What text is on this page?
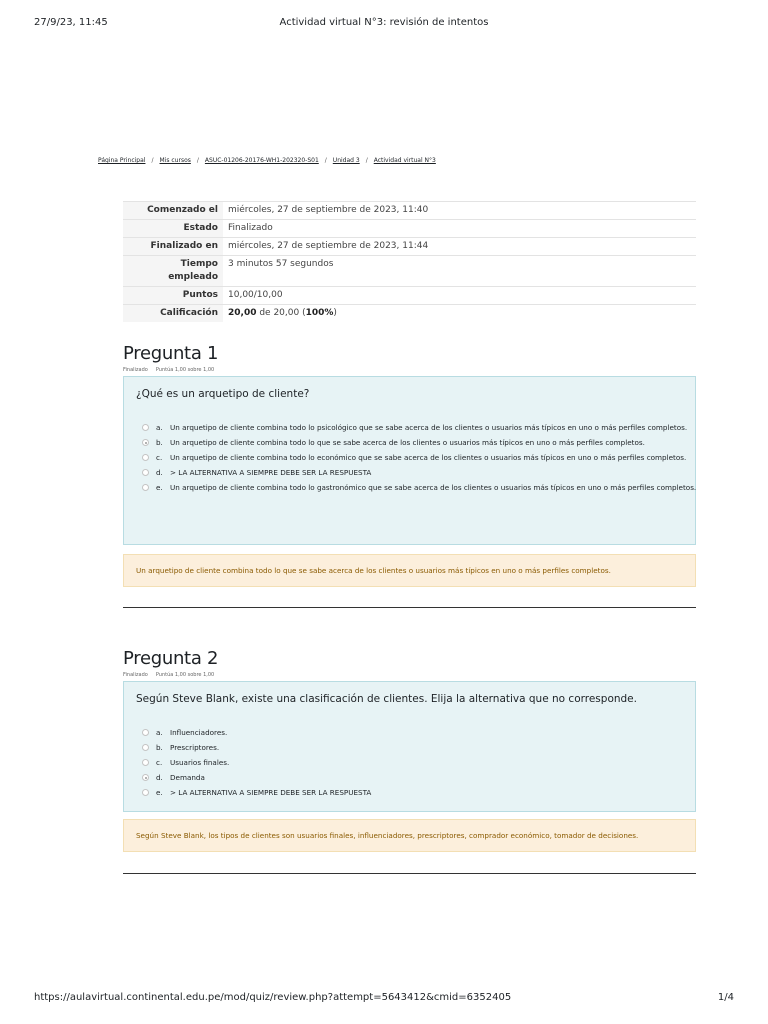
27/9/23, 11:45	Actividad virtual N°3: revisión de intentos
Página Principal / Mis cursos / ASUC-01206-20176-WH1-202320-S01 / Unidad 3 / Actividad virtual N°3
Comenzado el	miércoles, 27 de septiembre de 2023, 11:40
Estado	Finalizado
Finalizado en	miércoles, 27 de septiembre de 2023, 11:44
Tiempo
empleado	3 minutos 57 segundos
Puntos	10,00/10,00
Calificación	20,00 de 20,00 (100%)
Pregunta 1
Finalizado Puntúa 1,00 sobre 1,00
¿Qué es un arquetipo de cliente?
a. Un arquetipo de cliente combina todo lo psicológico que se sabe acerca de los clientes o usuarios más típicos en uno o más perfiles completos.
b. Un arquetipo de cliente combina todo lo que se sabe acerca de los clientes o usuarios más típicos en uno o más perfiles completos.
c. Un arquetipo de cliente combina todo lo económico que se sabe acerca de los clientes o usuarios más típicos en uno o más perfiles completos.
d. > LA ALTERNATIVA A SIEMPRE DEBE SER LA RESPUESTA
e. Un arquetipo de cliente combina todo lo gastronómico que se sabe acerca de los clientes o usuarios más típicos en uno o más perfiles completos.
Un arquetipo de cliente combina todo lo que se sabe acerca de los clientes o usuarios más típicos en uno o más perfiles completos.
Pregunta 2
Finalizado Puntúa 1,00 sobre 1,00
Según Steve Blank, existe una clasificación de clientes. Elija la alternativa que no corresponde.
a. Influenciadores.
b. Prescriptores.
c. Usuarios finales.
d. Demanda
e. > LA ALTERNATIVA A SIEMPRE DEBE SER LA RESPUESTA
Según Steve Blank, los tipos de clientes son usuarios finales, influenciadores, prescriptores, comprador económico, tomador de decisiones.
https://aulavirtual.continental.edu.pe/mod/quiz/review.php?attempt=5643412&cmid=6352405	1/4
